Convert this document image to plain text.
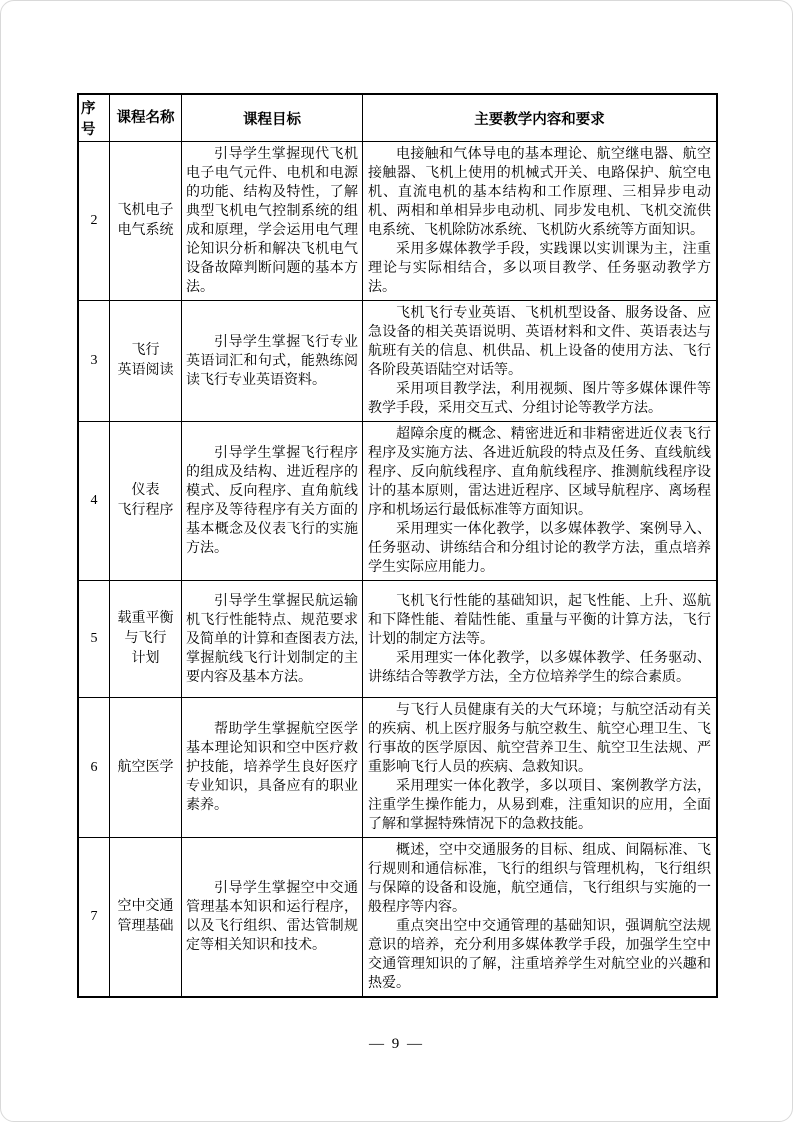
序号
课程名称	课程目标	主要教学内容和要求
2
飞机电子
电气系统

引导学生掌握现代飞机电子电气元件、电机和电源的功能、结构及特性，了解典型飞机电气控制系统的组成和原理，学会运用电气理论知识分析和解决飞机电气设备故障判断问题的基本方法。

电接触和气体导电的基本理论、航空继电器、航空接触器、飞机上使用的机械式开关、电路保护、航空电机、直流电机的基本结构和工作原理、三相异步电动机、两相和单相异步电动机、同步发电机、飞机交流供电系统、飞机除防冰系统、飞机防火系统等方面知识。

采用多媒体教学手段，实践课以实训课为主，注重理论与实际相结合，多以项目教学、任务驱动教学方法。

3
飞行
英语阅读

引导学生掌握飞行专业英语词汇和句式，能熟练阅读飞行专业英语资料。

飞机飞行专业英语、飞机机型设备、服务设备、应急设备的相关英语说明、英语材料和文件、英语表达与航班有关的信息、机供品、机上设备的使用方法、飞行各阶段英语陆空对话等。

采用项目教学法，利用视频、图片等多媒体课件等教学手段，采用交互式、分组讨论等教学方法。

4
仪表
飞行程序

引导学生掌握飞行程序的组成及结构、进近程序的模式、反向程序、直角航线程序及等待程序有关方面的基本概念及仪表飞行的实施方法。

超障余度的概念、精密进近和非精密进近仪表飞行程序及实施方法、各进近航段的特点及任务、直线航线程序、反向航线程序、直角航线程序、推测航线程序设计的基本原则，雷达进近程序、区域导航程序、离场程序和机场运行最低标准等方面知识。

采用理实一体化教学，以多媒体教学、案例导入、任务驱动、讲练结合和分组讨论的教学方法，重点培养学生实际应用能力。

5
载重平衡
与飞行
计划

引导学生掌握民航运输机飞行性能特点、规范要求及简单的计算和查图表方法,掌握航线飞行计划制定的主要内容及基本方法。

飞机飞行性能的基础知识，起飞性能、上升、巡航和下降性能、着陆性能、重量与平衡的计算方法，飞行计划的制定方法等。

采用理实一体化教学，以多媒体教学、任务驱动、讲练结合等教学方法，全方位培养学生的综合素质。

6 航空医学

帮助学生掌握航空医学基本理论知识和空中医疗救护技能，培养学生良好医疗专业知识，具备应有的职业素养。

与飞行人员健康有关的大气环境；与航空活动有关的疾病、机上医疗服务与航空救生、航空心理卫生、飞行事故的医学原因、航空营养卫生、航空卫生法规、严重影响飞行人员的疾病、急救知识。

采用理实一体化教学，多以项目、案例教学方法，注重学生操作能力，从易到难，注重知识的应用，全面了解和掌握特殊情况下的急救技能。

7
空中交通
管理基础

引导学生掌握空中交通管理基本知识和运行程序，以及飞行组织、雷达管制规定等相关知识和技术。

概述，空中交通服务的目标、组成、间隔标准、飞行规则和通信标准，飞行的组织与管理机构，飞行组织与保障的设备和设施，航空通信，飞行组织与实施的一般程序等内容。

重点突出空中交通管理的基础知识，强调航空法规意识的培养，充分利用多媒体教学手段，加强学生空中交通管理知识的了解，注重培养学生对航空业的兴趣和热爱。

— 9 —
